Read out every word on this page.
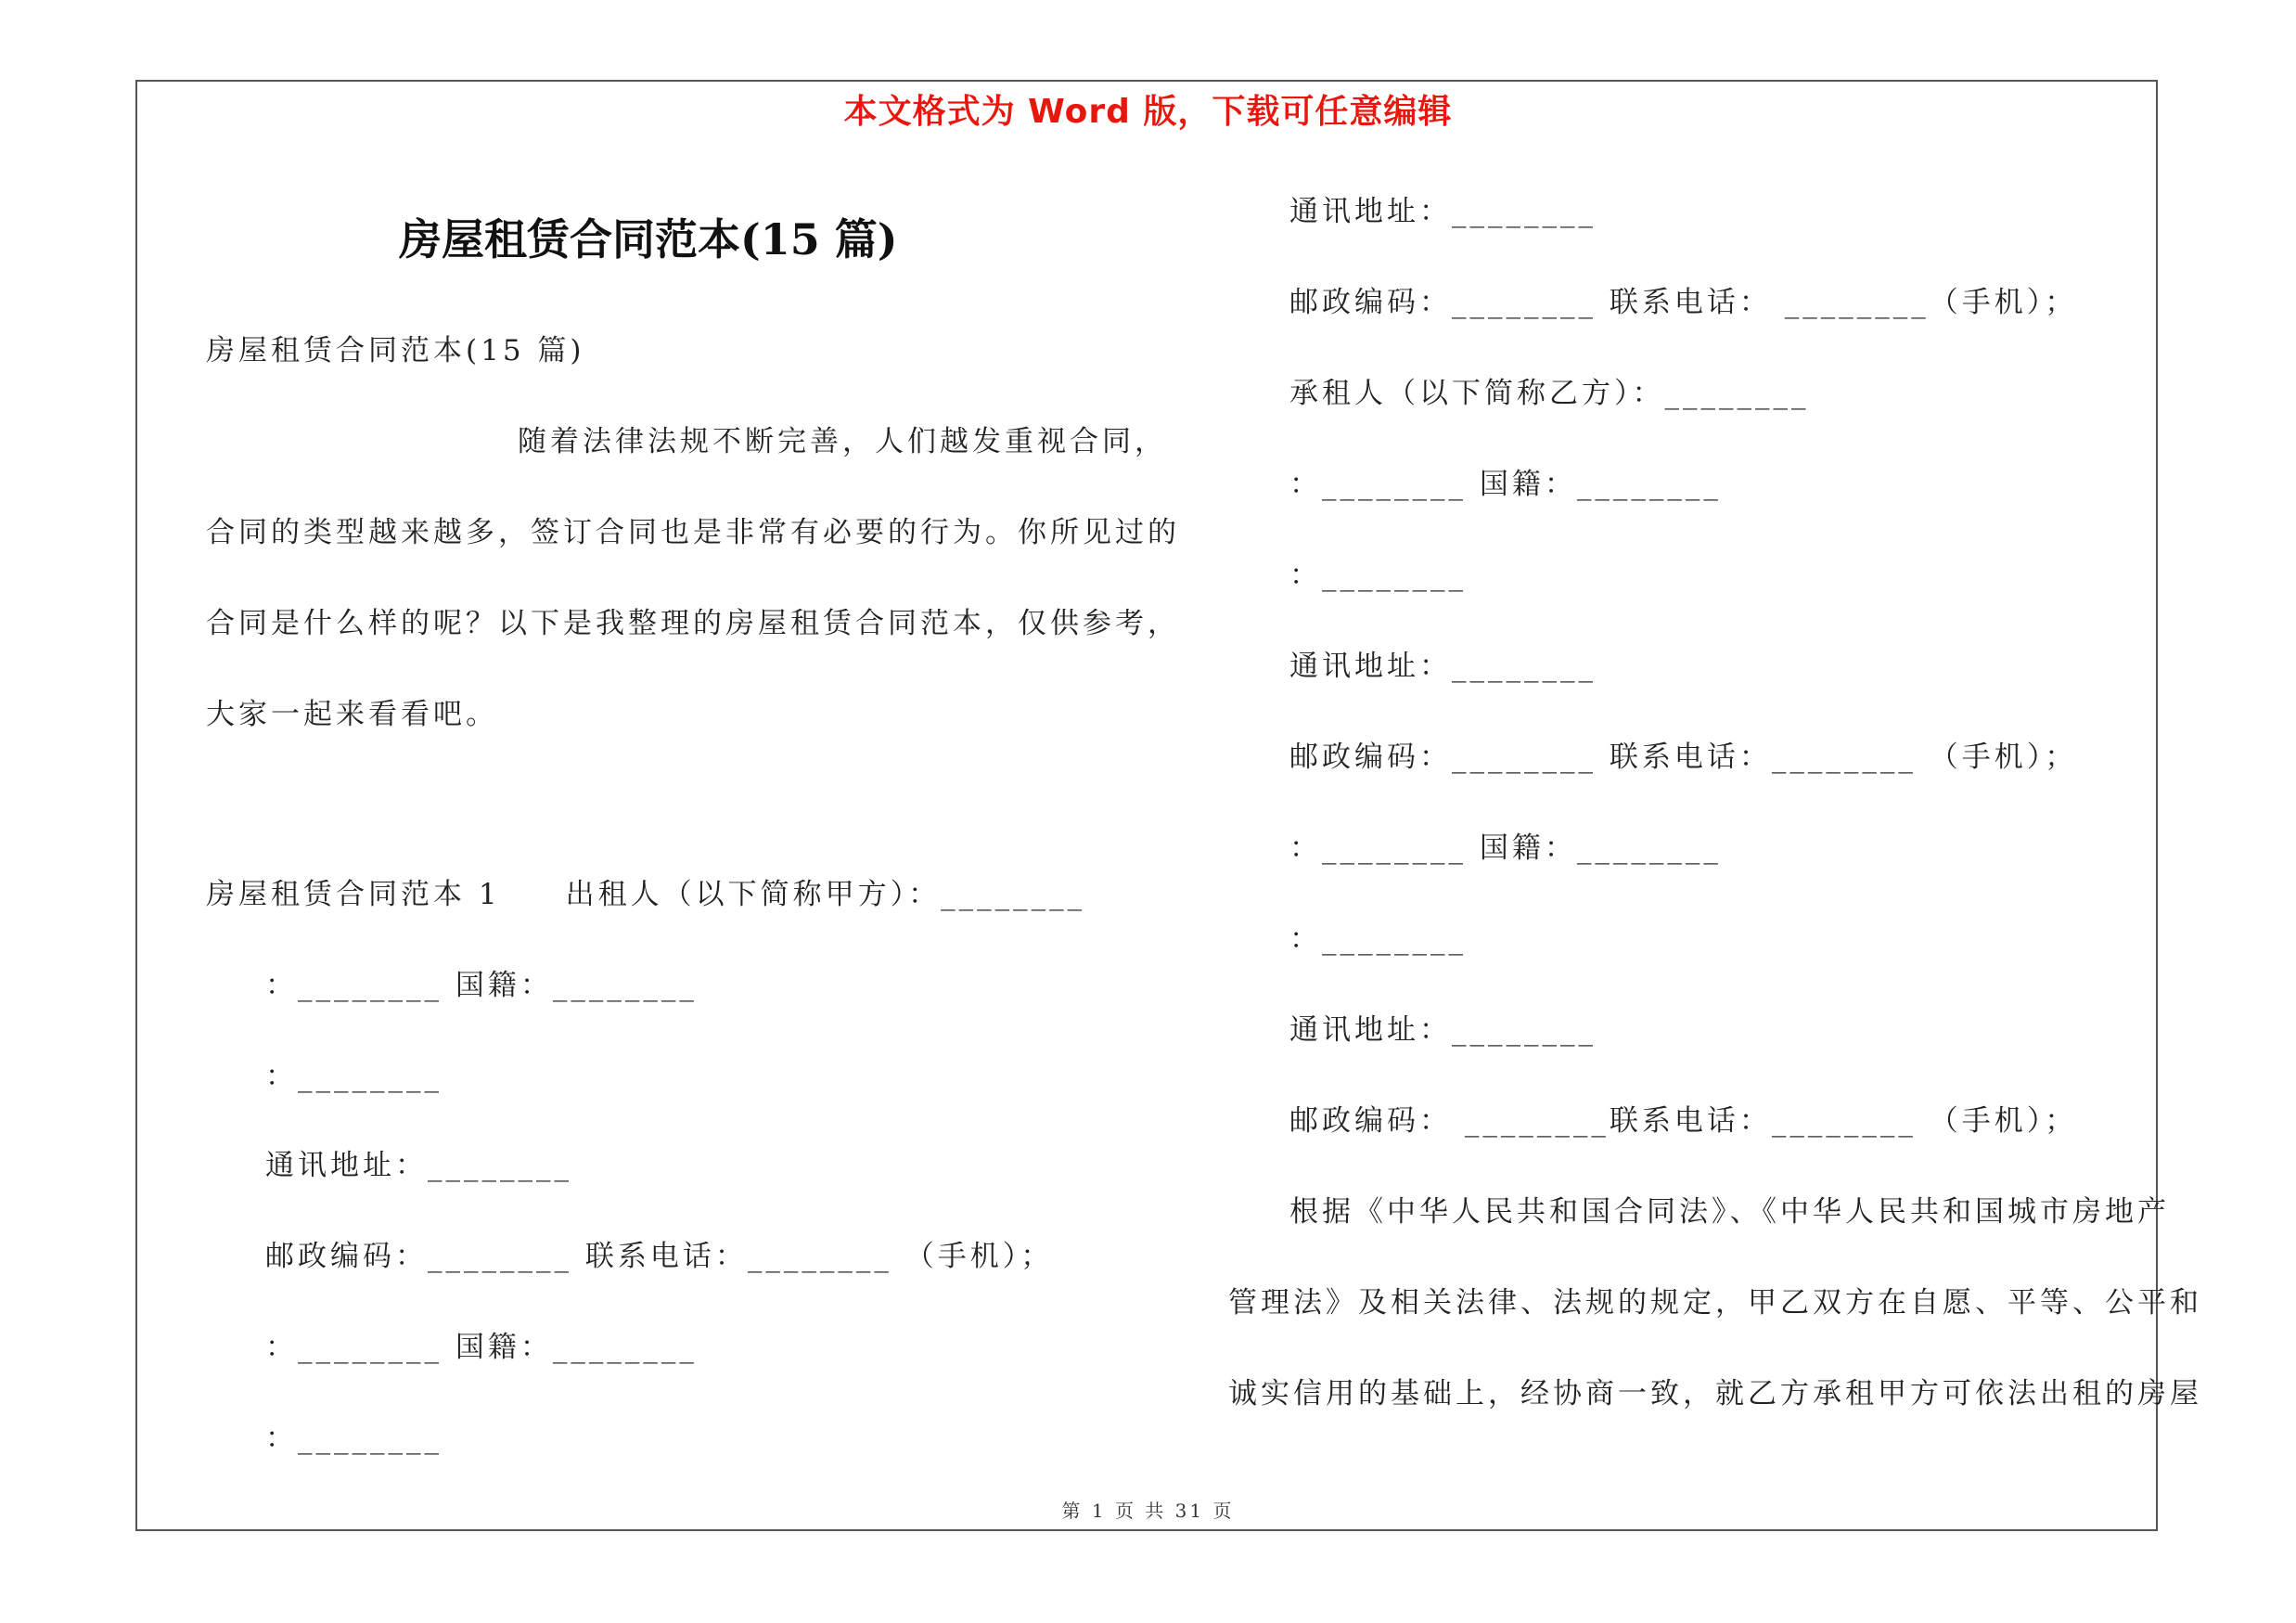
本文格式为 Word 版，下载可任意编辑
房屋租赁合同范本(15 篇)
房屋租赁合同范本(15 篇)
随着法律法规不断完善，人们越发重视合同，
合同的类型越来越多，签订合同也是非常有必要的行为。你所见过的
合同是什么样的呢？以下是我整理的房屋租赁合同范本，仅供参考，
大家一起来看看吧。
房屋租赁合同范本 1　　出租人（以下简称甲方）：________
：________ 国籍：________
：________
通讯地址：________
邮政编码：________ 联系电话：________ （手机）；
：________ 国籍：________
：________
通讯地址：________
邮政编码：________ 联系电话： ________（手机）；
承租人（以下简称乙方）：________
：________ 国籍：________
：________
通讯地址：________
邮政编码：________ 联系电话：________ （手机）；
：________ 国籍：________
：________
通讯地址：________
邮政编码： ________联系电话：________ （手机）；
根据《中华人民共和国合同法》、《中华人民共和国城市房地产
管理法》及相关法律、法规的规定，甲乙双方在自愿、平等、公平和
诚实信用的基础上，经协商一致，就乙方承租甲方可依法出租的房屋
第 1 页 共 31 页
